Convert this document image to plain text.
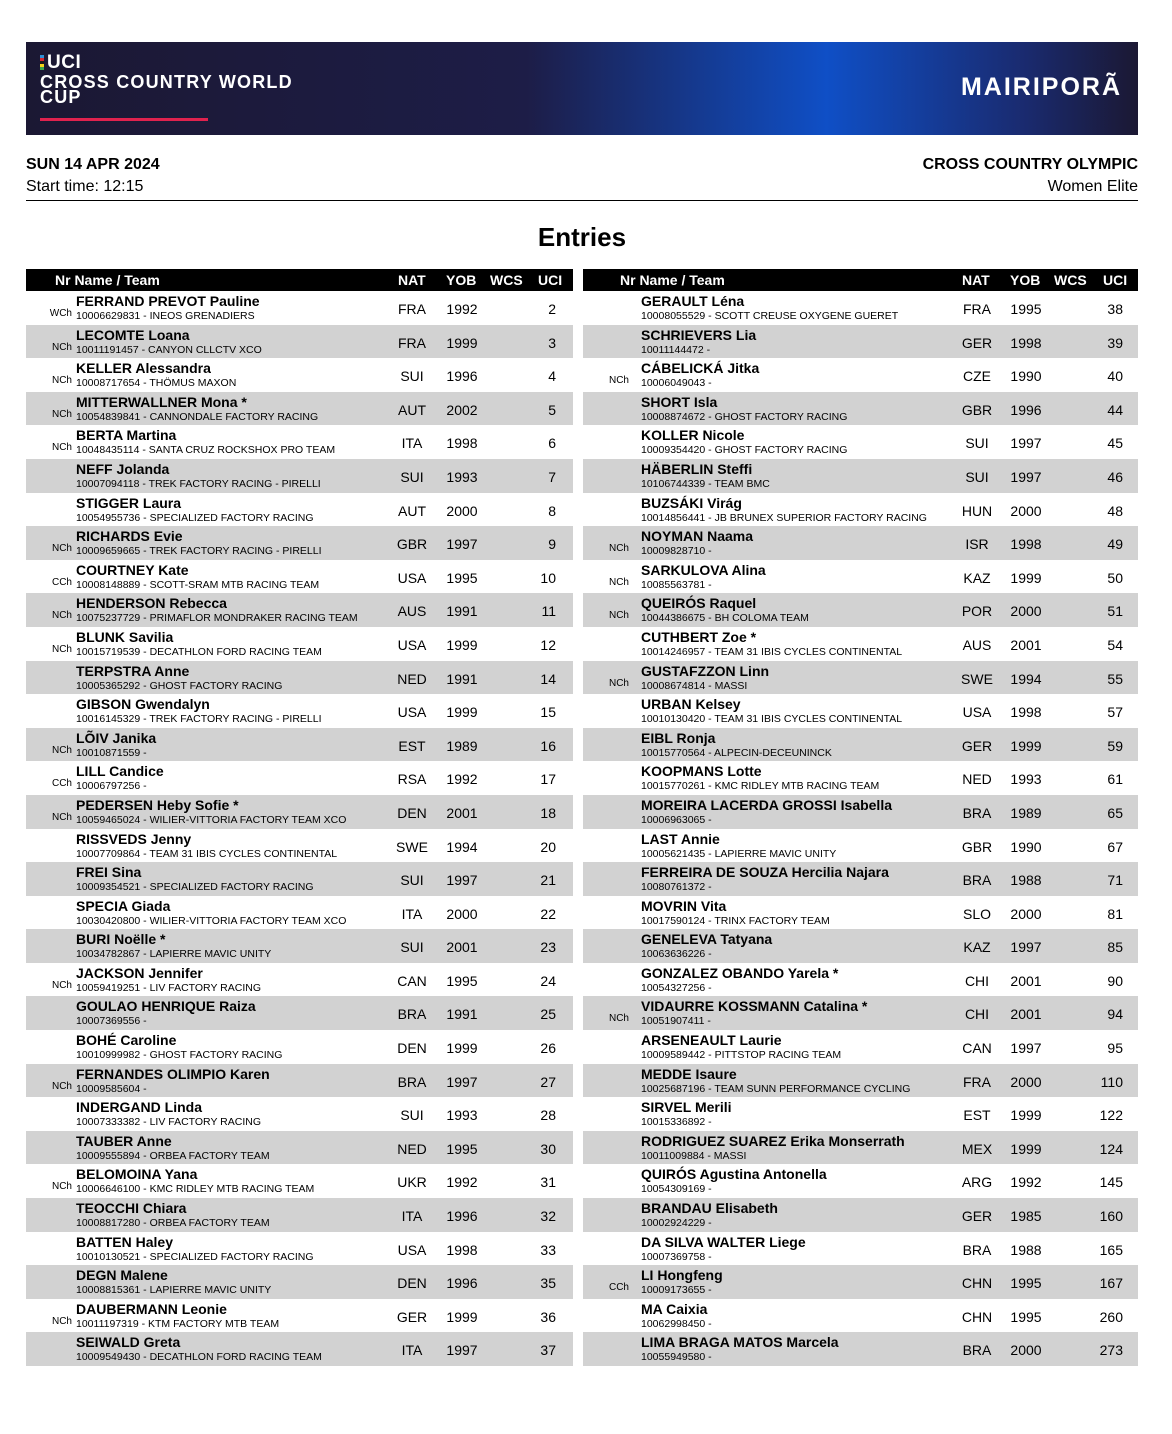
UCI
CROSS COUNTRY WORLD CUP	MAIRIPORÃ
SUN 14 APR 2024
Start time: 12:15
CROSS COUNTRY OLYMPIC
Women Elite
Entries
Nr Name / Team	NAT YOB WCS UCI
WCh
FERRAND PREVOT Pauline
10006629831 - INEOS GRENADIERS	FRA	1992	2
NCh
LECOMTE Loana
10011191457 - CANYON CLLCTV XCO	FRA	1999	3
NCh
KELLER Alessandra
10008717654 - THÖMUS MAXON	SUI	1996	4
NCh
MITTERWALLNER Mona *
10054839841 - CANNONDALE FACTORY RACING	AUT	2002	5
NCh
BERTA Martina
10048435114 - SANTA CRUZ ROCKSHOX PRO TEAM	ITA	1998	6
NEFF Jolanda
10007094118 - TREK FACTORY RACING - PIRELLI	SUI	1993	7
STIGGER Laura
10054955736 - SPECIALIZED FACTORY RACING	AUT	2000	8
NCh
RICHARDS Evie
10009659665 - TREK FACTORY RACING - PIRELLI	GBR	1997	9
CCh
COURTNEY Kate
10008148889 - SCOTT-SRAM MTB RACING TEAM	USA	1995	10
NCh
HENDERSON Rebecca
10075237729 - PRIMAFLOR MONDRAKER RACING TEAM	AUS	1991	11
NCh
BLUNK Savilia
10015719539 - DECATHLON FORD RACING TEAM	USA	1999	12
TERPSTRA Anne
10005365292 - GHOST FACTORY RACING	NED	1991	14
GIBSON Gwendalyn
10016145329 - TREK FACTORY RACING - PIRELLI	USA	1999	15
NCh
LÕIV Janika
10010871559 -	EST	1989	16
CCh
LILL Candice
10006797256 -	RSA	1992	17
NCh
PEDERSEN Heby Sofie *
10059465024 - WILIER-VITTORIA FACTORY TEAM XCO	DEN	2001	18
RISSVEDS Jenny
10007709864 - TEAM 31 IBIS CYCLES CONTINENTAL	SWE	1994	20
FREI Sina
10009354521 - SPECIALIZED FACTORY RACING	SUI	1997	21
SPECIA Giada
10030420800 - WILIER-VITTORIA FACTORY TEAM XCO	ITA	2000	22
BURI Noëlle *
10034782867 - LAPIERRE MAVIC UNITY	SUI	2001	23
NCh
JACKSON Jennifer
10059419251 - LIV FACTORY RACING	CAN	1995	24
GOULAO HENRIQUE Raiza
10007369556 -	BRA	1991	25
BOHÉ Caroline
10010999982 - GHOST FACTORY RACING	DEN	1999	26
NCh
FERNANDES OLIMPIO Karen
10009585604 -	BRA	1997	27
INDERGAND Linda
10007333382 - LIV FACTORY RACING	SUI	1993	28
TAUBER Anne
10009555894 - ORBEA FACTORY TEAM	NED	1995	30
NCh
BELOMOINA Yana
10006646100 - KMC RIDLEY MTB RACING TEAM	UKR	1992	31
TEOCCHI Chiara
10008817280 - ORBEA FACTORY TEAM	ITA	1996	32
BATTEN Haley
10010130521 - SPECIALIZED FACTORY RACING	USA	1998	33
DEGN Malene
10008815361 - LAPIERRE MAVIC UNITY	DEN	1996	35
NCh
DAUBERMANN Leonie
10011197319 - KTM FACTORY MTB TEAM	GER	1999	36
SEIWALD Greta
10009549430 - DECATHLON FORD RACING TEAM	ITA	1997	37
Nr Name / Team	NAT YOB WCS UCI
GERAULT Léna
10008055529 - SCOTT CREUSE OXYGENE GUERET	FRA	1995	38
SCHRIEVERS Lia
10011144472 -	GER	1998	39
NCh
CÁBELICKÁ Jitka
10006049043 -	CZE	1990	40
SHORT Isla
10008874672 - GHOST FACTORY RACING	GBR	1996	44
KOLLER Nicole
10009354420 - GHOST FACTORY RACING	SUI	1997	45
HÄBERLIN Steffi
10106744339 - TEAM BMC	SUI	1997	46
BUZSÁKI Virág
10014856441 - JB BRUNEX SUPERIOR FACTORY RACING	HUN	2000	48
NCh
NOYMAN Naama
10009828710 -	ISR	1998	49
NCh
SARKULOVA Alina
10085563781 -	KAZ	1999	50
NCh
QUEIRÓS Raquel
10044386675 - BH COLOMA TEAM	POR	2000	51
CUTHBERT Zoe *
10014246957 - TEAM 31 IBIS CYCLES CONTINENTAL	AUS	2001	54
NCh
GUSTAFZZON Linn
10008674814 - MASSI	SWE	1994	55
URBAN Kelsey
10010130420 - TEAM 31 IBIS CYCLES CONTINENTAL	USA	1998	57
EIBL Ronja
10015770564 - ALPECIN-DECEUNINCK	GER	1999	59
KOOPMANS Lotte
10015770261 - KMC RIDLEY MTB RACING TEAM	NED	1993	61
MOREIRA LACERDA GROSSI Isabella
10006963065 -	BRA	1989	65
LAST Annie
10005621435 - LAPIERRE MAVIC UNITY	GBR	1990	67
FERREIRA DE SOUZA Hercilia Najara
10080761372 -	BRA	1988	71
MOVRIN Vita
10017590124 - TRINX FACTORY TEAM	SLO	2000	81
GENELEVA Tatyana
10063636226 -	KAZ	1997	85
GONZALEZ OBANDO Yarela *
10054327256 -	CHI	2001	90
NCh
VIDAURRE KOSSMANN Catalina *
10051907411 -	CHI	2001	94
ARSENEAULT Laurie
10009589442 - PITTSTOP RACING TEAM	CAN	1997	95
MEDDE Isaure
10025687196 - TEAM SUNN PERFORMANCE CYCLING	FRA	2000	110
SIRVEL Merili
10015336892 -	EST	1999	122
RODRIGUEZ SUAREZ Erika Monserrath
10011009884 - MASSI	MEX	1999	124
QUIRÓS Agustina Antonella
10054309169 -	ARG	1992	145
BRANDAU Elisabeth
10002924229 -	GER	1985	160
DA SILVA WALTER Liege
10007369758 -	BRA	1988	165
CCh
LI Hongfeng
10009173655 -	CHN	1995	167
MA Caixia
10062998450 -	CHN	1995	260
LIMA BRAGA MATOS Marcela
10055949580 -	BRA	2000	273
